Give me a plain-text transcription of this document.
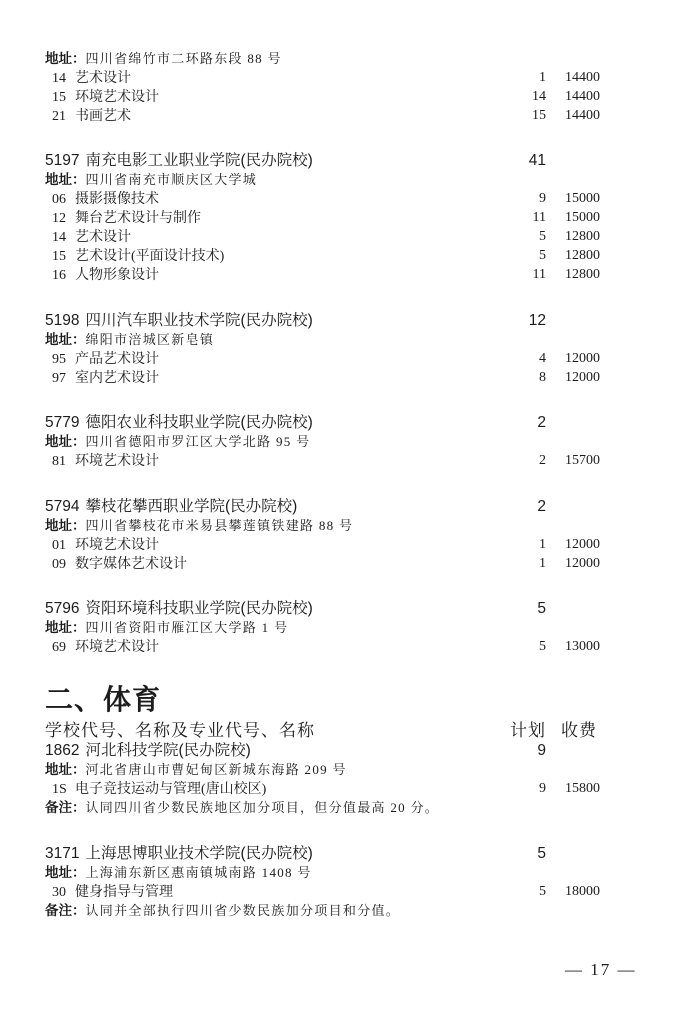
地址：四川省绵竹市二环路东段 88 号
14 艺术设计	1	14400
15 环境艺术设计	14	14400
21 书画艺术	15	14400
5197 南充电影工业职业学院(民办院校)	41
地址：四川省南充市顺庆区大学城
06 摄影摄像技术	9	15000
12 舞台艺术设计与制作	11	15000
14 艺术设计	5	12800
15 艺术设计(平面设计技术)	5	12800
16 人物形象设计	11	12800
5198 四川汽车职业技术学院(民办院校)	12
地址：绵阳市涪城区新皂镇
95 产品艺术设计	4	12000
97 室内艺术设计	8	12000
5779 德阳农业科技职业学院(民办院校)	2
地址：四川省德阳市罗江区大学北路 95 号
81 环境艺术设计	2	15700
5794 攀枝花攀西职业学院(民办院校)	2
地址：四川省攀枝花市米易县攀莲镇铁建路 88 号
01 环境艺术设计	1	12000
09 数字媒体艺术设计	1	12000
5796 资阳环境科技职业学院(民办院校)	5
地址：四川省资阳市雁江区大学路 1 号
69 环境艺术设计	5	13000
二、体育
学校代号、名称及专业代号、名称	计划 收费
1862 河北科技学院(民办院校)	9
地址：河北省唐山市曹妃甸区新城东海路 209 号
1S 电子竞技运动与管理(唐山校区)	9	15800
备注：认同四川省少数民族地区加分项目，但分值最高 20 分。
3171 上海思博职业技术学院(民办院校)	5
地址：上海浦东新区惠南镇城南路 1408 号
30 健身指导与管理	5	18000
备注：认同并全部执行四川省少数民族加分项目和分值。
— 17 —
